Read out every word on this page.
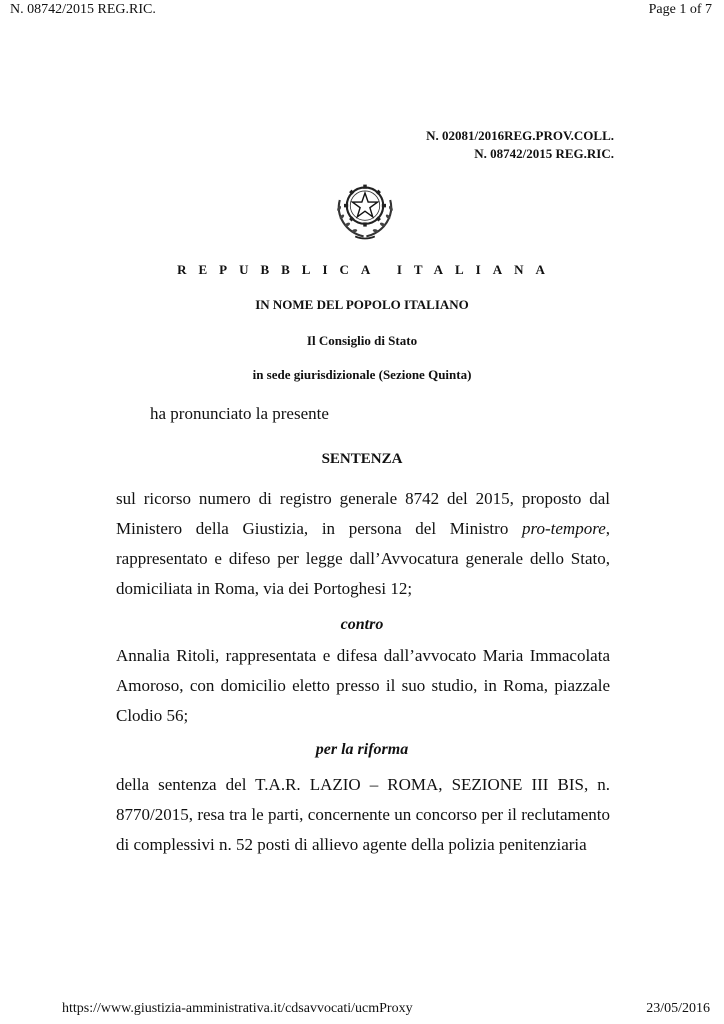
N. 08742/2015 REG.RIC.	Page 1 of 7
N. 02081/2016REG.PROV.COLL.
N. 08742/2015 REG.RIC.
REPUBBLICA ITALIANA
IN NOME DEL POPOLO ITALIANO
Il Consiglio di Stato
in sede giurisdizionale (Sezione Quinta)
ha pronunciato la presente
SENTENZA
sul ricorso numero di registro generale 8742 del 2015, proposto dal Ministero della Giustizia, in persona del Ministro pro-tempore, rappresentato e difeso per legge dall’Avvocatura generale dello Stato, domiciliata in Roma, via dei Portoghesi 12;
contro
Annalia Ritoli, rappresentata e difesa dall’avvocato Maria Immacolata Amoroso, con domicilio eletto presso il suo studio, in Roma, piazzale Clodio 56;
per la riforma
della sentenza del T.A.R. LAZIO – ROMA, SEZIONE III BIS, n. 8770/2015, resa tra le parti, concernente un concorso per il reclutamento di complessivi n. 52 posti di allievo agente della polizia penitenziaria
https://www.giustizia-amministrativa.it/cdsavvocati/ucmProxy	23/05/2016
